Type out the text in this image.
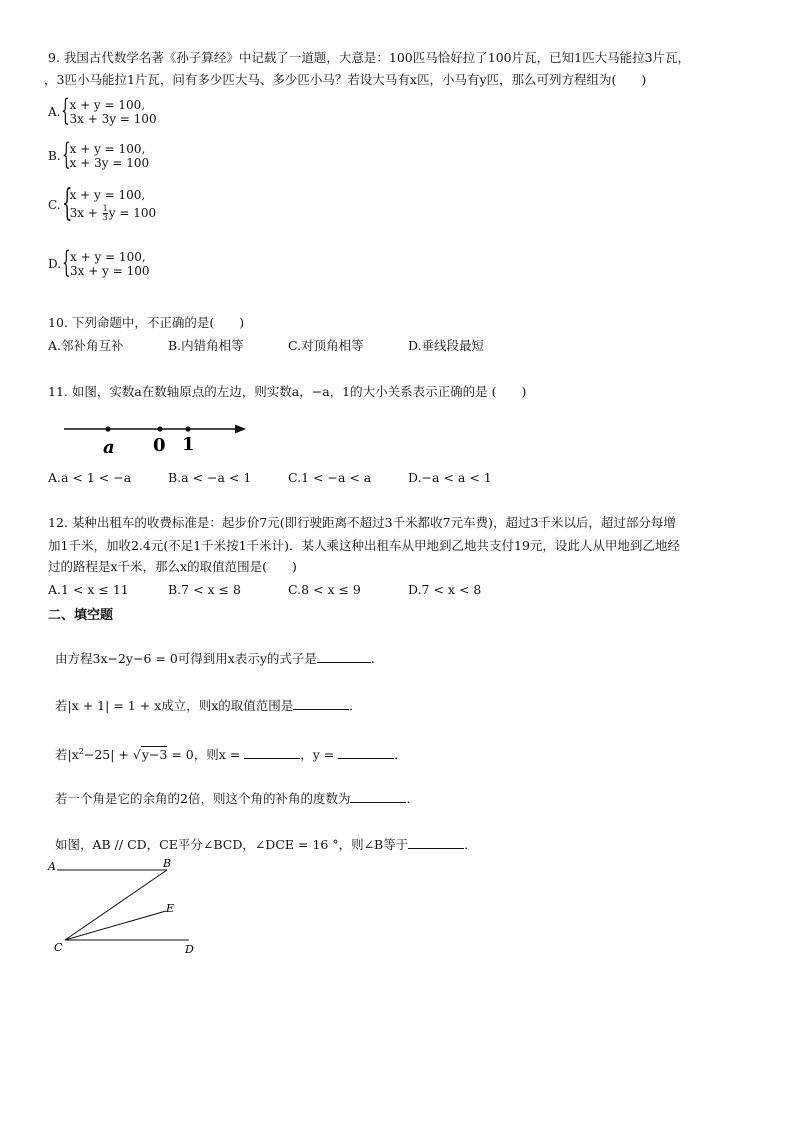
9. 我国古代数学名著《孙子算经》中记载了一道题，大意是：100匹马恰好拉了100片瓦，已知1匹大马能拉3片瓦，
，3匹小马能拉1片瓦，问有多少匹大马、多少匹小马？若设大马有x匹，小马有y匹，那么可列方程组为(　　)
A. { x + y = 100,
3x + 3y = 100
B. { x + y = 100,
x + 3y = 100
C. {
x + y = 100,
$3x + \frac{1}{3}$ y = 100
D. { x + y = 100,
3x + y = 100
10. 下列命题中，不正确的是(　　)
A.邻补角互补	B.内错角相等	C.对顶角相等	D.垂线段最短
11. 如图，实数a在数轴原点的左边，则实数a，−a，1的大小关系表示正确的是 (　　)
a 0 1
A.a < 1 < −a	B.a < −a < 1	C.1 < −a < a	D.−a < a < 1
12. 某种出租车的收费标准是：起步价7元(即行驶距离不超过3千米都收7元车费)，超过3千米以后，超过部分每增
加1千米，加收2.4元(不足1千米按1千米计)．某人乘这种出租车从甲地到乙地共支付19元，设此人从甲地到乙地经
过的路程是x千米，那么x的取值范围是(　　)
A.1 < x ≤ 11	B.7 < x ≤ 8	C.8 < x ≤ 9	D.7 < x < 8
二、填空题
由方程3x−2y−6 = 0可得到用x表示y的式子是	.
若|x + 1| = 1 + x成立，则x的取值范围是	．
若$|x^2-25| + √y-3 = 0$，则x =	，y =	．
若一个角是它的余角的2倍，则这个角的补角的度数为	．
如图，AB // CD，CE平分∠BCD，∠DCE = 16 °，则∠B等于	．
A	B
E
C	D
